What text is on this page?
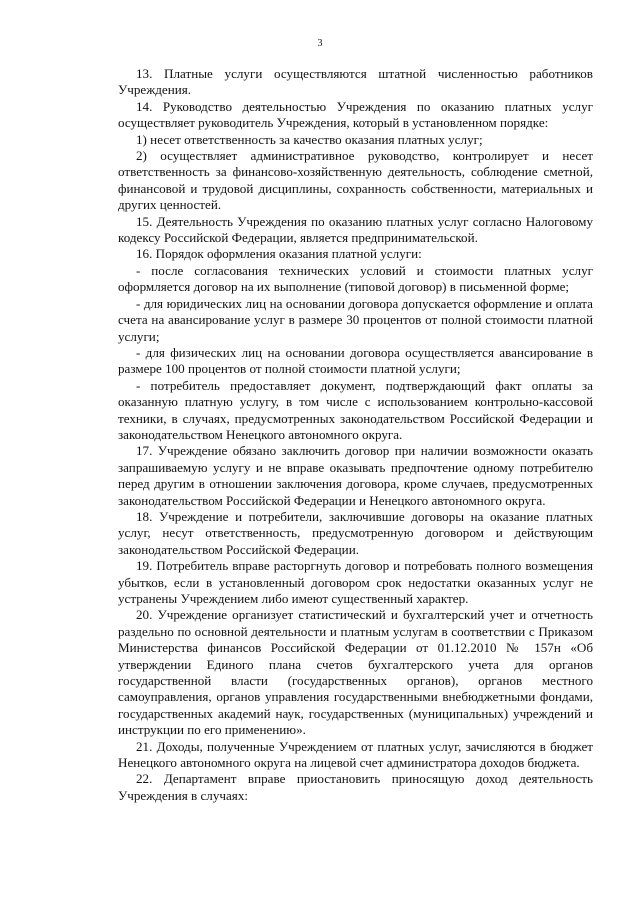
3

13. Платные услуги осуществляются штатной численностью работников Учреждения.

14. Руководство деятельностью Учреждения по оказанию платных услуг осуществляет руководитель Учреждения, который в установленном порядке:

1) несет ответственность за качество оказания платных услуг;

2) осуществляет административное руководство, контролирует и несет ответственность за финансово-хозяйственную деятельность, соблюдение сметной, финансовой и трудовой дисциплины, сохранность собственности, материальных и других ценностей.

15. Деятельность Учреждения по оказанию платных услуг согласно Налоговому кодексу Российской Федерации, является предпринимательской.

16. Порядок оформления оказания платной услуги:

- после согласования технических условий и стоимости платных услуг оформляется договор на их выполнение (типовой договор) в письменной форме;

- для юридических лиц на основании договора допускается оформление и оплата счета на авансирование услуг в размере 30 процентов от полной стоимости платной услуги;

- для физических лиц на основании договора осуществляется авансирование в размере 100 процентов от полной стоимости платной услуги;

- потребитель предоставляет документ, подтверждающий факт оплаты за оказанную платную услугу, в том числе с использованием контрольно-кассовой техники, в случаях, предусмотренных законодательством Российской Федерации и законодательством Ненецкого автономного округа.

17. Учреждение обязано заключить договор при наличии возможности оказать запрашиваемую услугу и не вправе оказывать предпочтение одному потребителю перед другим в отношении заключения договора, кроме случаев, предусмотренных законодательством Российской Федерации и Ненецкого автономного округа.

18. Учреждение и потребители, заключившие договоры на оказание платных услуг, несут ответственность, предусмотренную договором и действующим законодательством Российской Федерации.

19. Потребитель вправе расторгнуть договор и потребовать полного возмещения убытков, если в установленный договором срок недостатки оказанных услуг не устранены Учреждением либо имеют существенный характер.

20. Учреждение организует статистический и бухгалтерский учет и отчетность раздельно по основной деятельности и платным услугам в соответствии с Приказом Министерства финансов Российской Федерации от 01.12.2010 № 157н «Об утверждении Единого плана счетов бухгалтерского учета для органов государственной власти (государственных органов), органов местного самоуправления, органов управления государственными внебюджетными фондами, государственных академий наук, государственных (муниципальных) учреждений и инструкции по его применению».

21. Доходы, полученные Учреждением от платных услуг, зачисляются в бюджет Ненецкого автономного округа на лицевой счет администратора доходов бюджета.

22. Департамент вправе приостановить приносящую доход деятельность Учреждения в случаях:
